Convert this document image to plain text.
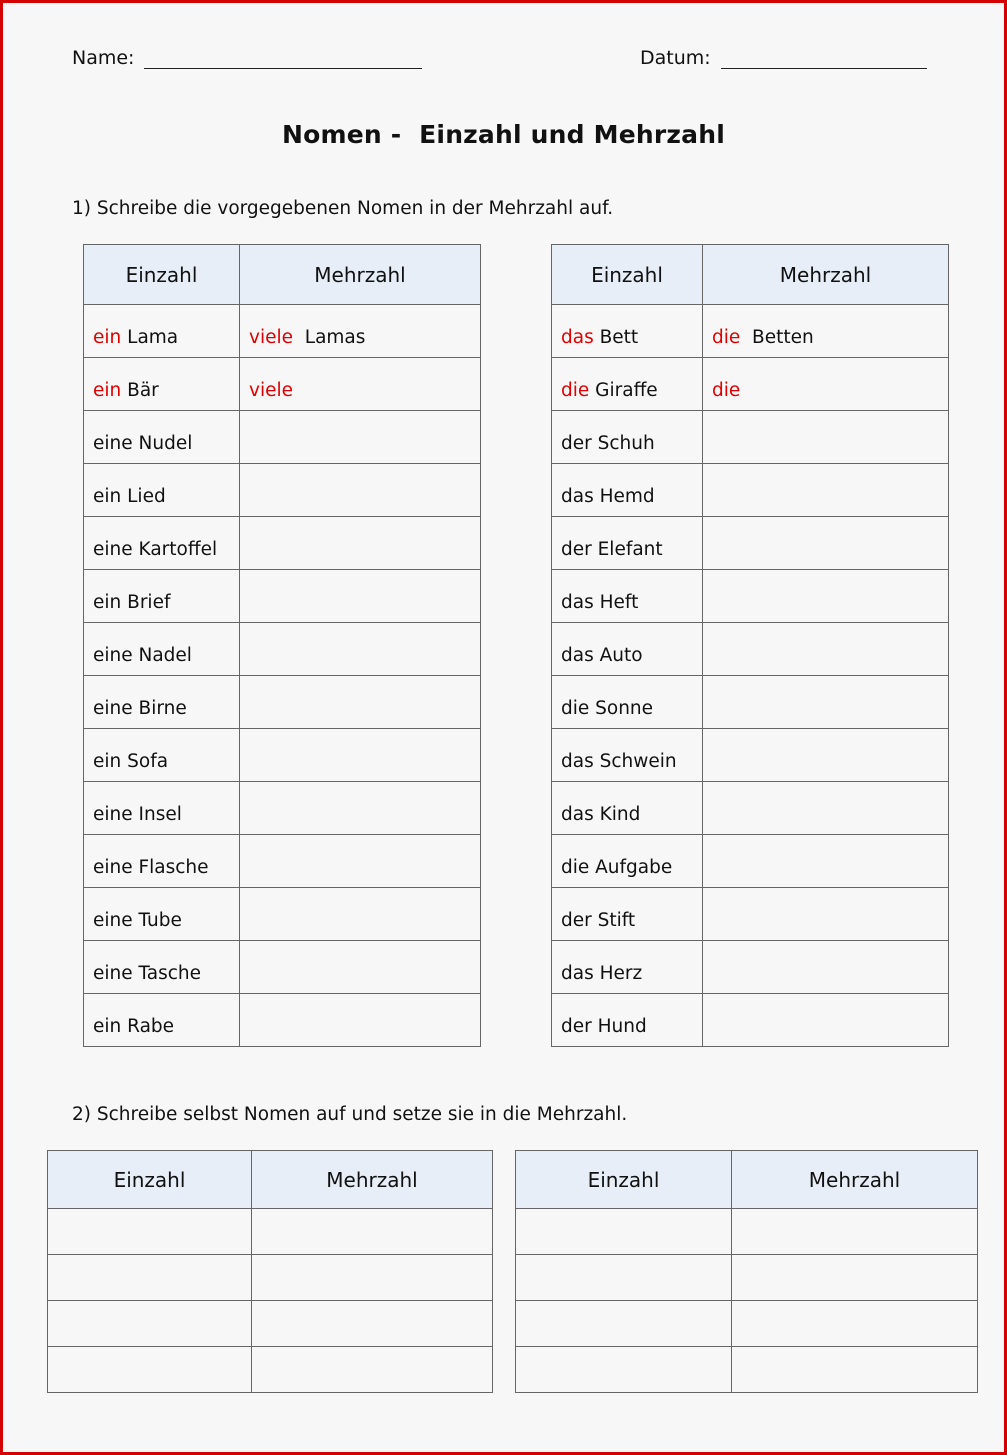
Name:	Datum:
Nomen -  Einzahl und Mehrzahl
1) Schreibe die vorgegebenen Nomen in der Mehrzahl auf.
Einzahl	Mehrzahl
ein Lama	viele  Lamas
ein Bär	viele
eine Nudel	
ein Lied	
eine Kartoffel	
ein Brief	
eine Nadel	
eine Birne	
ein Sofa	
eine Insel	
eine Flasche	
eine Tube	
eine Tasche	
ein Rabe	
Einzahl	Mehrzahl
das Bett	die  Betten
die Giraffe	die
der Schuh	
das Hemd	
der Elefant	
das Heft	
das Auto	
die Sonne	
das Schwein	
das Kind	
die Aufgabe	
der Stift	
das Herz	
der Hund	
2) Schreibe selbst Nomen auf und setze sie in die Mehrzahl.
Einzahl	Mehrzahl

		Einzahl	Mehrzahl
